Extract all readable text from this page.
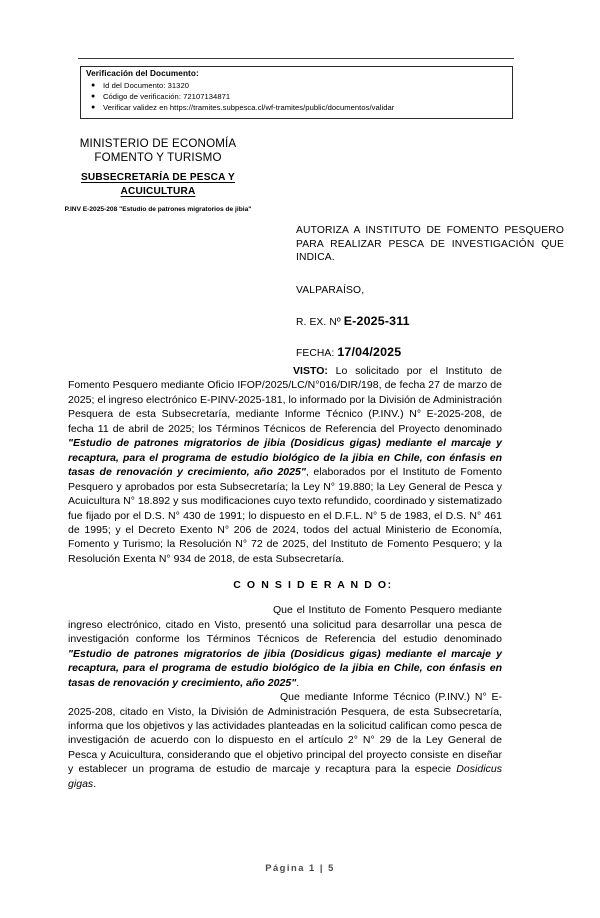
Verificación del Documento:
● Id del Documento: 31320
● Código de verificación: 72107134871
● Verificar validez en https://tramites.subpesca.cl/wf-tramites/public/documentos/validar
MINISTERIO DE ECONOMÍA
FOMENTO Y TURISMO
SUBSECRETARÍA DE PESCA Y
ACUICULTURA
P.INV E-2025-208 "Estudio de patrones migratorios de jibia"
AUTORIZA A INSTITUTO DE FOMENTO PESQUERO PARA REALIZAR PESCA DE INVESTIGACIÓN QUE INDICA.
VALPARAÍSO,
R. EX. Nº E-2025-311
FECHA: 17/04/2025
VISTO: Lo solicitado por el Instituto de Fomento Pesquero mediante Oficio IFOP/2025/LC/N°016/DIR/198, de fecha 27 de marzo de 2025; el ingreso electrónico E-PINV-2025-181, lo informado por la División de Administración Pesquera de esta Subsecretaría, mediante Informe Técnico (P.INV.) N° E-2025-208, de fecha 11 de abril de 2025; los Términos Técnicos de Referencia del Proyecto denominado "Estudio de patrones migratorios de jibia (Dosidicus gigas) mediante el marcaje y recaptura, para el programa de estudio biológico de la jibia en Chile, con énfasis en tasas de renovación y crecimiento, año 2025", elaborados por el Instituto de Fomento Pesquero y aprobados por esta Subsecretaría; la Ley N° 19.880; la Ley General de Pesca y Acuicultura N° 18.892 y sus modificaciones cuyo texto refundido, coordinado y sistematizado fue fijado por el D.S. N° 430 de 1991; lo dispuesto en el D.F.L. N° 5 de 1983, el D.S. N° 461 de 1995; y el Decreto Exento N° 206 de 2024, todos del actual Ministerio de Economía, Fomento y Turismo; la Resolución N° 72 de 2025, del Instituto de Fomento Pesquero; y la Resolución Exenta N° 934 de 2018, de esta Subsecretaría.
C O N S I D E R A N D O:
Que el Instituto de Fomento Pesquero mediante ingreso electrónico, citado en Visto, presentó una solicitud para desarrollar una pesca de investigación conforme los Términos Técnicos de Referencia del estudio denominado "Estudio de patrones migratorios de jibia (Dosidicus gigas) mediante el marcaje y recaptura, para el programa de estudio biológico de la jibia en Chile, con énfasis en tasas de renovación y crecimiento, año 2025".
Que mediante Informe Técnico (P.INV.) N° E-2025-208, citado en Visto, la División de Administración Pesquera, de esta Subsecretaría, informa que los objetivos y las actividades planteadas en la solicitud califican como pesca de investigación de acuerdo con lo dispuesto en el artículo 2° N° 29 de la Ley General de Pesca y Acuicultura, considerando que el objetivo principal del proyecto consiste en diseñar y establecer un programa de estudio de marcaje y recaptura para la especie Dosidicus gigas.
Página 1 | 5
